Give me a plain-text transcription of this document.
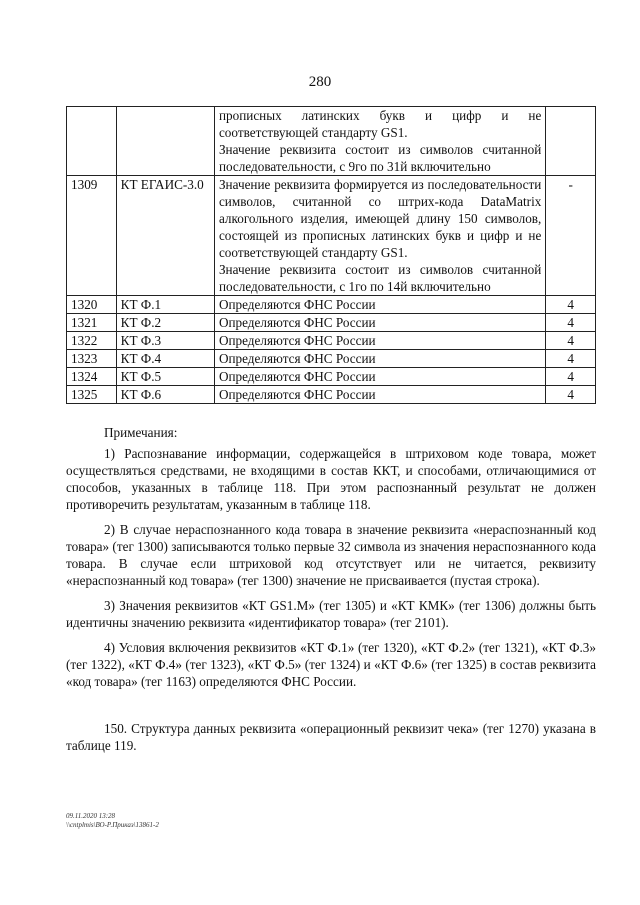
280

		прописных латинских букв и цифр и не соответствующей стандарту GS1.
Значение реквизита состоит из символов считанной последовательности, с 9го по 31й включительно	

1309	КТ ЕГАИС-3.0	Значение реквизита формируется из последовательности символов, считанной со штрих-кода DataMatrix алкогольного изделия, имеющей длину 150 символов, состоящей из прописных латинских букв и цифр и не соответствующей стандарту GS1.
Значение реквизита состоит из символов считанной последовательности, с 1го по 14й включительно	-
1320	КТ Ф.1	Определяются ФНС России	4
1321	КТ Ф.2	Определяются ФНС России	4
1322	КТ Ф.3	Определяются ФНС России	4
1323	КТ Ф.4	Определяются ФНС России	4
1324	КТ Ф.5	Определяются ФНС России	4
1325	КТ Ф.6	Определяются ФНС России	4

Примечания:

1) Распознавание информации, содержащейся в штриховом коде товара, может осуществляться средствами, не входящими в состав ККТ, и способами, отличающимися от способов, указанных в таблице 118. При этом распознанный результат не должен противоречить результатам, указанным в таблице 118.

2) В случае нераспознанного кода товара в значение реквизита «нераспознанный код товара» (тег 1300) записываются только первые 32 символа из значения нераспознанного кода товара. В случае если штриховой код отсутствует или не читается, реквизиту «нераспознанный код товара» (тег 1300) значение не присваивается (пустая строка).

3) Значения реквизитов «КТ GS1.M» (тег 1305) и «КТ КМК» (тег 1306) должны быть идентичны значению реквизита «идентификатор товара» (тег 2101).

4) Условия включения реквизитов «КТ Ф.1» (тег 1320), «КТ Ф.2» (тег 1321), «КТ Ф.3» (тег 1322), «КТ Ф.4» (тег 1323), «КТ Ф.5» (тег 1324) и «КТ Ф.6» (тег 1325) в состав реквизита «код товара» (тег 1163) определяются ФНС России.

150. Структура данных реквизита «операционный реквизит чека» (тег 1270) указана в таблице 119.

09.11.2020 13:28
\\cntplmis\ВО-Р.Приказ\13861-2
